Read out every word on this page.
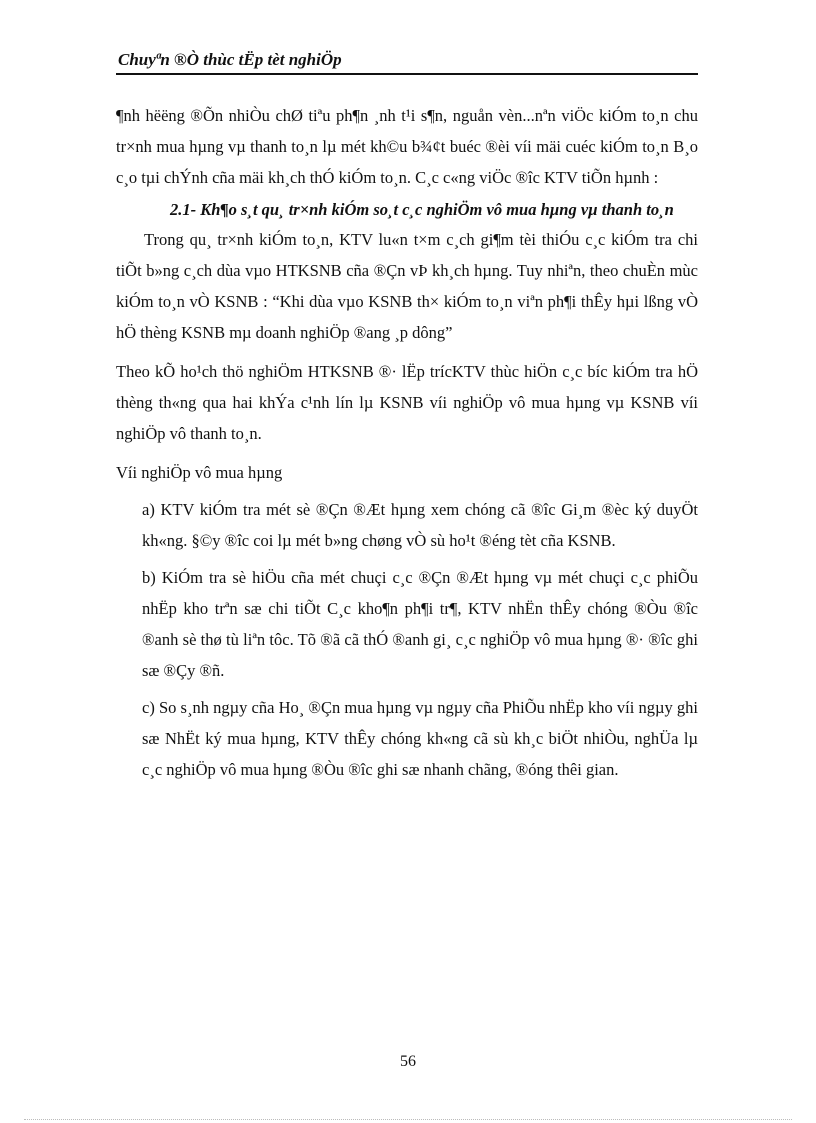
Chuyªn ®Ò thùc tËp tèt nghiÖp

¶nh hëëng ®Õn nhiÒu chØ tiªu ph¶n ¸nh t¹i s¶n, nguån vèn...nªn viÖc kiÓm to¸n chu tr×nh mua hµng vµ thanh to¸n lµ mét kh©u b¾¢t buéc ®èi víi mäi cuéc kiÓm to¸n B¸o c¸o tµi chÝnh cña mäi kh¸ch thÓ kiÓm to¸n. C¸c c«ng viÖc ®îc KTV tiÕn hµnh :

2.1- Kh¶o s¸t qu¸ tr×nh kiÓm so¸t c¸c nghiÖm vô mua hµng vµ thanh to¸n

Trong qu¸ tr×nh kiÓm to¸n, KTV lu«n t×m c¸ch gi¶m tèi thiÓu c¸c kiÓm tra chi tiÕt b»ng c¸ch dùa vµo HTKSNB cña ®Çn vÞ kh¸ch hµng. Tuy nhiªn, theo chuÈn mùc kiÓm to¸n vÒ KSNB : “Khi dùa vµo KSNB th× kiÓm to¸n viªn ph¶i thÊy hµi lßng vÒ hÖ thèng KSNB mµ doanh nghiÖp ®ang ¸p dông”

Theo kÕ ho¹ch thö nghiÖm HTKSNB ®· lËp trícKTV thùc hiÖn c¸c bíc kiÓm tra hÖ thèng th«ng qua hai khÝa c¹nh lín lµ KSNB víi nghiÖp vô mua hµng vµ KSNB víi nghiÖp vô thanh to¸n.

Víi nghiÖp vô mua hµng

a) KTV kiÓm tra mét sè ®Çn ®Æt hµng xem chóng cã ®îc Gi¸m ®èc ký duyÖt kh«ng. §©y ®îc coi lµ mét b»ng chøng vÒ sù ho¹t ®éng tèt cña KSNB.

b) KiÓm tra sè hiÖu cña mét chuçi c¸c ®Çn ®Æt hµng vµ mét chuçi c¸c phiÕu nhËp kho trªn sæ chi tiÕt C¸c kho¶n ph¶i tr¶, KTV nhËn thÊy chóng ®Òu ®îc ®anh sè thø tù liªn tôc. Tõ ®ã cã thÓ ®anh gi¸ c¸c nghiÖp vô mua hµng ®· ®îc ghi sæ ®Çy ®ñ.

c) So s¸nh ngµy cña Ho¸ ®Çn mua hµng vµ ngµy cña PhiÕu nhËp kho víi ngµy ghi sæ NhËt ký mua hµng, KTV thÊy chóng kh«ng cã sù kh¸c biÖt nhiÒu, nghÜa lµ c¸c nghiÖp vô mua hµng ®Òu ®îc ghi sæ nhanh chãng, ®óng thêi gian.

56
